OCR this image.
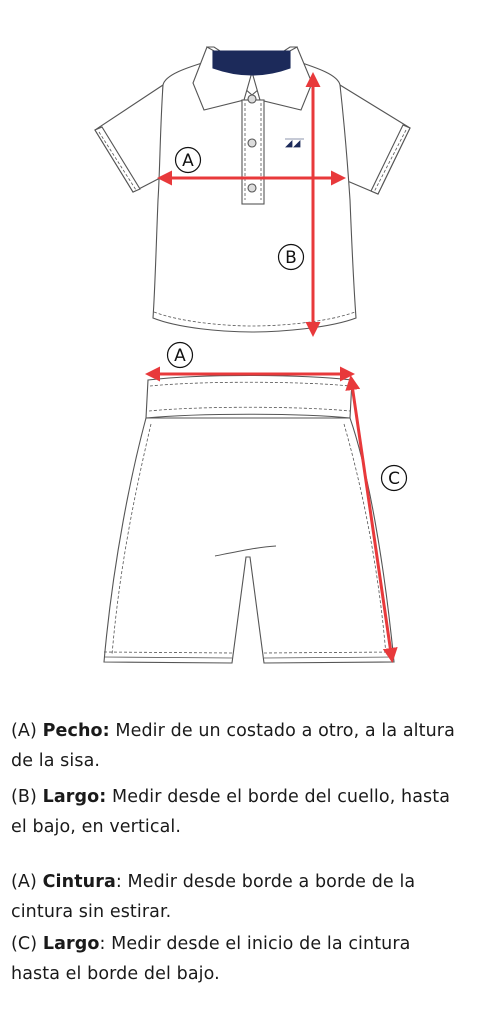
A
B
A
C
(A) Pecho: Medir de un costado a otro, a la altura
de la sisa.
(B) Largo: Medir desde el borde del cuello, hasta
el bajo, en vertical.
(A) Cintura: Medir desde borde a borde de la
cintura sin estirar.
(C) Largo: Medir desde el inicio de la cintura
hasta el borde del bajo.
